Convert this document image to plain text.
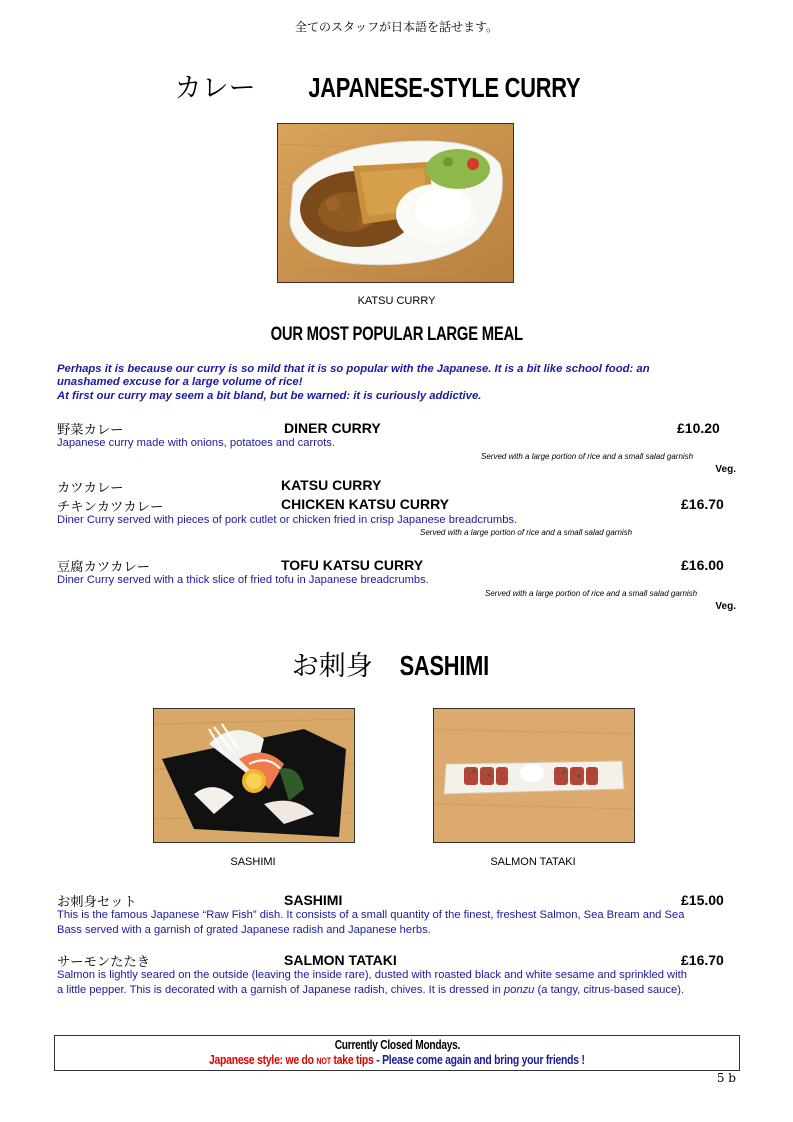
全てのスタッフが日本語を話せます。
カレー JAPANESE-STYLE CURRY
KATSU CURRY
OUR MOST POPULAR LARGE MEAL
Perhaps it is because our curry is so mild that it is so popular with the Japanese. It is a bit like school food: an
unashamed excuse for a large volume of rice!
At first our curry may seem a bit bland, but be warned: it is curiously addictive.
野菜カレー	DINER CURRY	£10.20
Japanese curry made with onions, potatoes and carrots.
Served with a large portion of rice and a small salad garnish
Veg.
カツカレー	KATSU CURRY
チキンカツカレー	CHICKEN KATSU CURRY	£16.70
Diner Curry served with pieces of pork cutlet or chicken fried in crisp Japanese breadcrumbs.
Served with a large portion of rice and a small salad garnish
豆腐カツカレー	TOFU KATSU CURRY	£16.00
Diner Curry served with a thick slice of fried tofu in Japanese breadcrumbs.
Served with a large portion of rice and a small salad garnish
Veg.
お刺身 SASHIMI
SASHIMI	SALMON TATAKI
お刺身セット	SASHIMI	£15.00
This is the famous Japanese “Raw Fish” dish. It consists of a small quantity of the finest, freshest Salmon, Sea Bream and Sea
Bass served with a garnish of grated Japanese radish and Japanese herbs.
サーモンたたき	SALMON TATAKI	£16.70
Salmon is lightly seared on the outside (leaving the inside rare), dusted with roasted black and white sesame and sprinkled with
a little pepper. This is decorated with a garnish of Japanese radish, chives. It is dressed in ponzu (a tangy, citrus-based sauce).
Currently Closed Mondays.
Japanese style: we do NOT take tips - Please come again and bring your friends !
5 b
